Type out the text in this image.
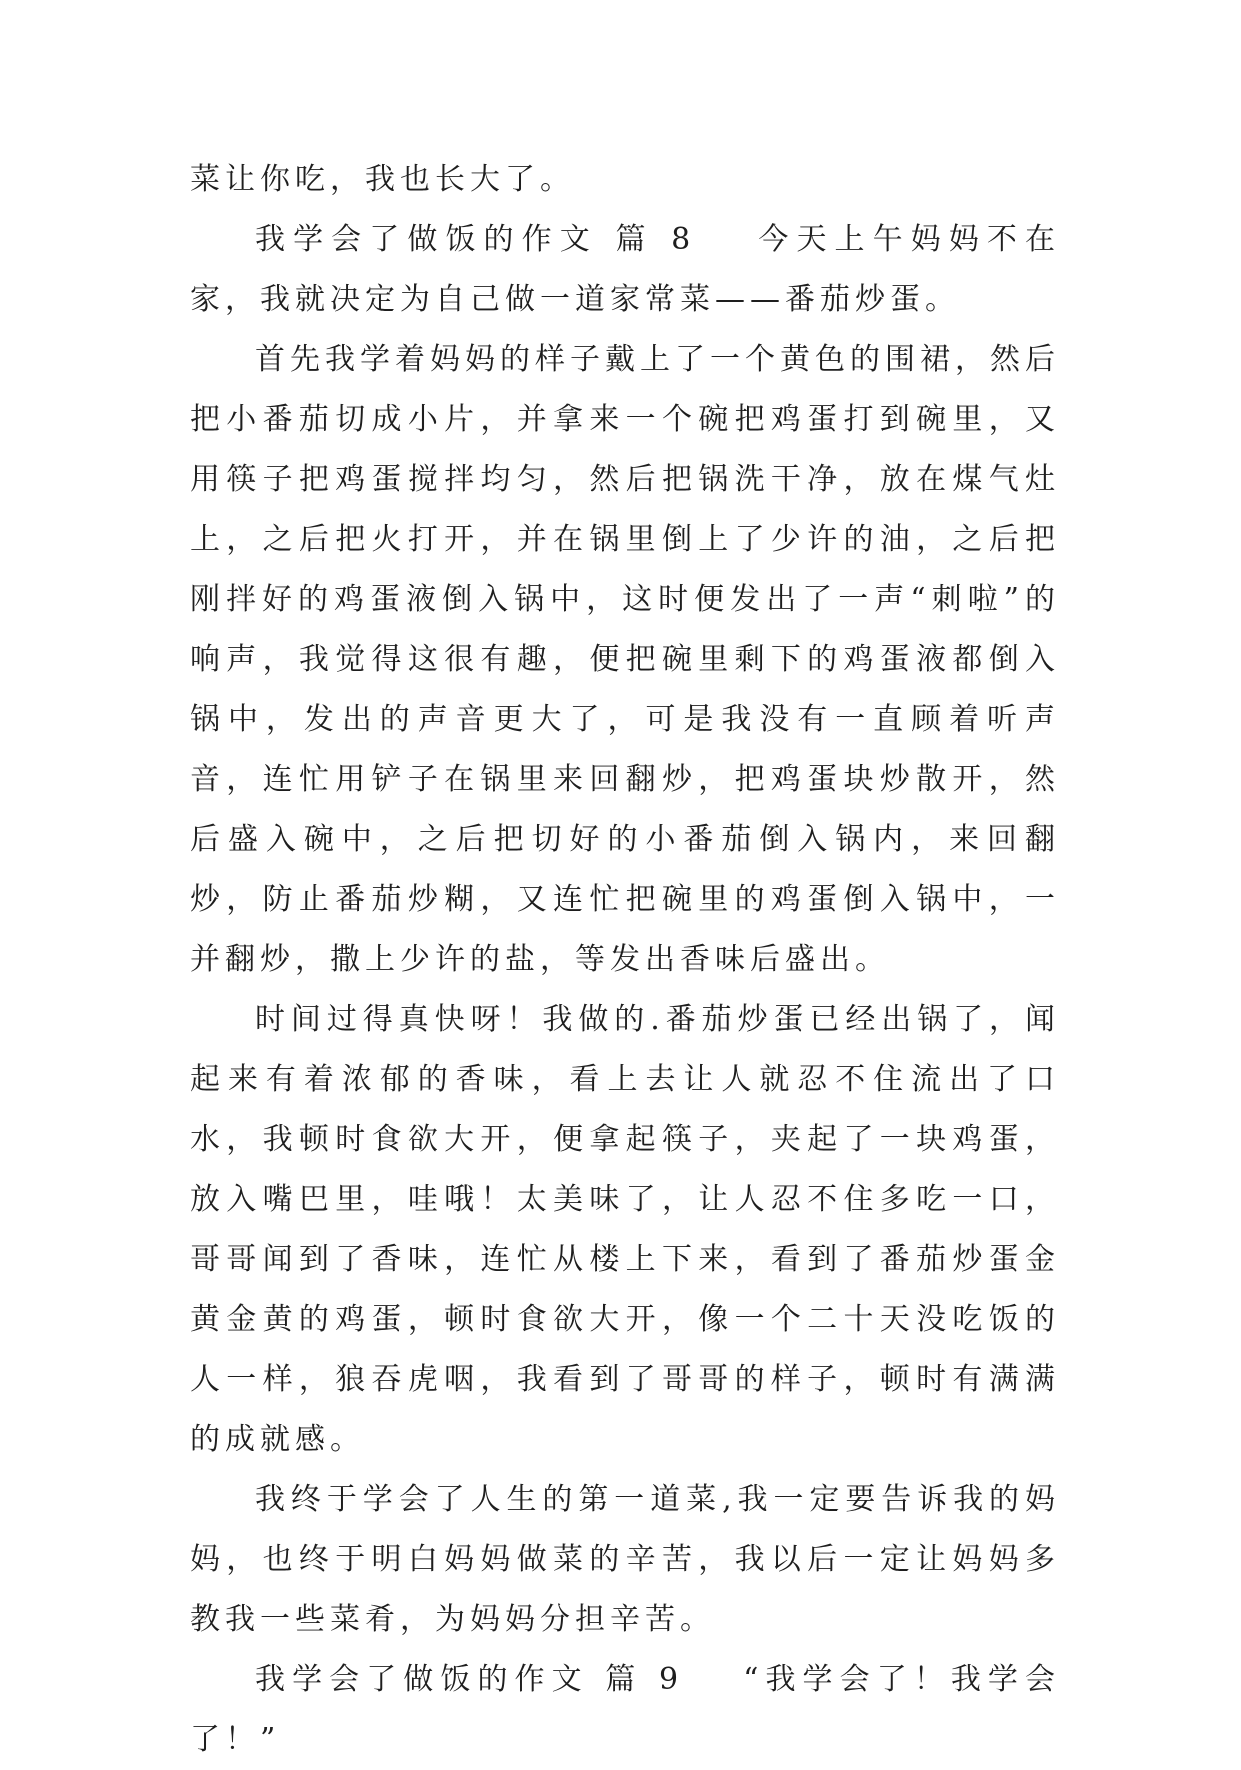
菜让你吃，我也长大了。

我学会了做饭的作文 篇 8 今天上午妈妈不在家，我就决定为自己做一道家常菜——番茄炒蛋。

首先我学着妈妈的样子戴上了一个黄色的围裙，然后把小番茄切成小片，并拿来一个碗把鸡蛋打到碗里，又用筷子把鸡蛋搅拌均匀，然后把锅洗干净，放在煤气灶上，之后把火打开，并在锅里倒上了少许的油，之后把刚拌好的鸡蛋液倒入锅中，这时便发出了一声“刺啦”的响声，我觉得这很有趣，便把碗里剩下的鸡蛋液都倒入锅中，发出的声音更大了，可是我没有一直顾着听声音，连忙用铲子在锅里来回翻炒，把鸡蛋块炒散开，然后盛入碗中，之后把切好的小番茄倒入锅内，来回翻炒，防止番茄炒糊，又连忙把碗里的鸡蛋倒入锅中，一并翻炒，撒上少许的盐，等发出香味后盛出。

时间过得真快呀！我做的.番茄炒蛋已经出锅了，闻起来有着浓郁的香味，看上去让人就忍不住流出了口水，我顿时食欲大开，便拿起筷子，夹起了一块鸡蛋，放入嘴巴里，哇哦！太美味了，让人忍不住多吃一口，哥哥闻到了香味，连忙从楼上下来，看到了番茄炒蛋金黄金黄的鸡蛋，顿时食欲大开，像一个二十天没吃饭的人一样，狼吞虎咽，我看到了哥哥的样子，顿时有满满的成就感。

我终于学会了人生的第一道菜,我一定要告诉我的妈妈，也终于明白妈妈做菜的辛苦，我以后一定让妈妈多教我一些菜肴，为妈妈分担辛苦。

我学会了做饭的作文 篇 9 “我学会了！我学会了！”
